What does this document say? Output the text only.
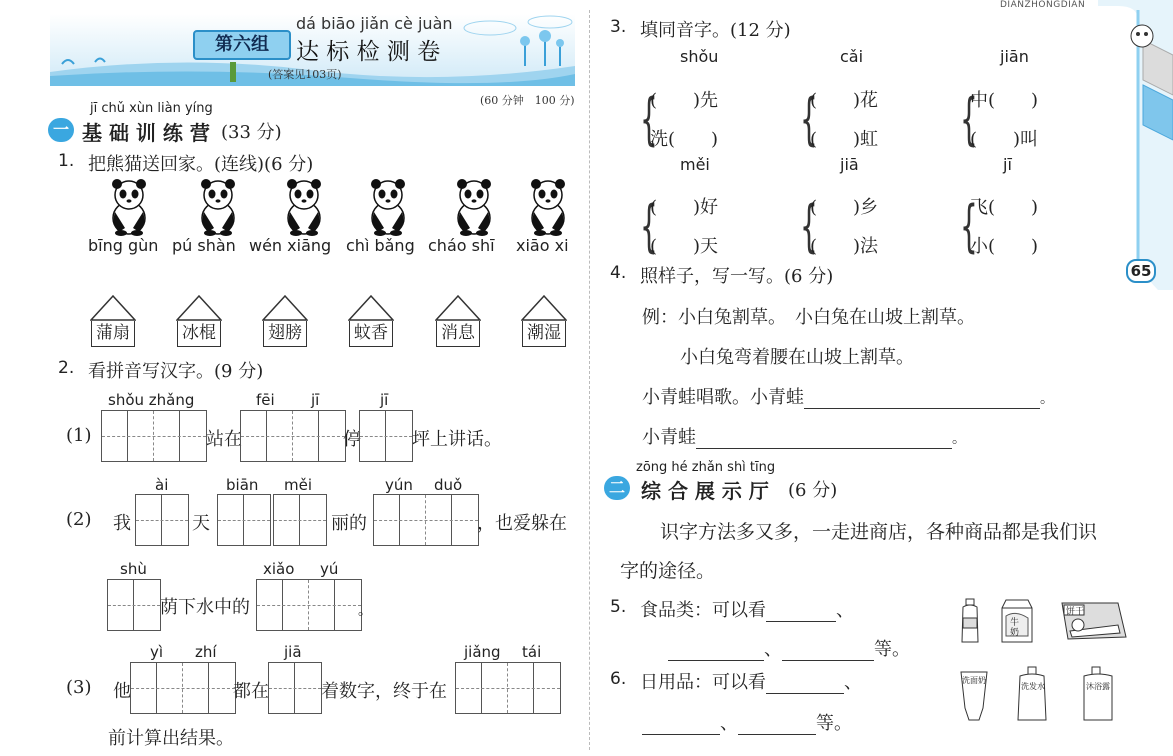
第六组
dá biāo jiǎn cè juàn
达 标 检 测 卷
(答案见103页)
(60 分钟　100 分)
jī chǔ xùn liàn yíng
一 基 础 训 练 营 (33 分)
1. 把熊猫送回家。(连线)(6 分)
bīng gùn pú shàn wén xiāng chì bǎng cháo shī xiāo xi
蒲扇	冰棍	翅膀	蚊香	消息	潮湿
2. 看拼音写汉字。(9 分)
shǒu zhǎng	fēi jī	jī
(1)	站在	停	坪上讲话。
ài	biān měi	yún duǒ
(2) 我	天	丽的	，也爱躲在
shù	xiǎo yú
荫下水中的	。
yì zhí	jiā	jiǎng tái
(3) 他	都在	着数字，终于在
前计算出结果。
3. 填同音字。(12 分)
shǒu	cǎi	jiān
{
(　　)先
洗(　　) {
(　　)花
(　　)虹 {
中(　　)
(　　)叫
měi	jiā	jī
{
(　　)好
(　　)天 {
(　　)乡
(　　)法 {
飞(　　)
小(　　)
4. 照样子，写一写。(6 分)
例：小白兔割草。　小白兔在山坡上割草。
小白兔弯着腰在山坡上割草。
小青蛙唱歌。小青蛙	。
小青蛙	。
zōng hé zhǎn shì tīng
二 综 合 展 示 厅 (6 分)
识字方法多又多，一走进商店，各种商品都是我们识
字的途径。
5. 食品类：可以看	、
、	等。
6. 日用品：可以看	、
、	等。
牛奶
饼干
洗面奶
洗发水	沐浴露
DIANZHONGDIAN
65
